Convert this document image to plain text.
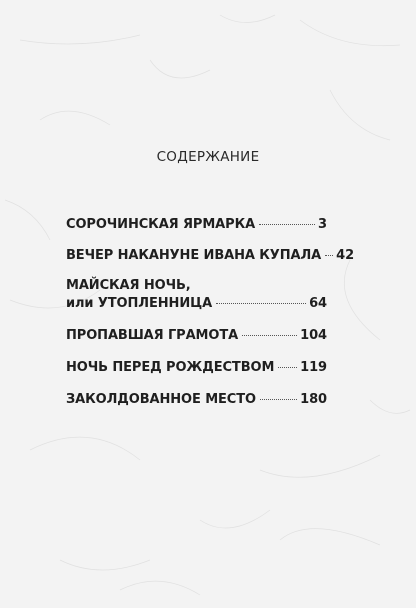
СОДЕРЖАНИЕ
СОРОЧИНСКАЯ ЯРМАРКА	3
ВЕЧЕР НАКАНУНЕ ИВАНА КУПАЛА 42
МАЙСКАЯ НОЧЬ,
или УТОПЛЕННИЦА	64
ПРОПАВШАЯ ГРАМОТА	104
НОЧЬ ПЕРЕД РОЖДЕСТВОМ 119
ЗАКОЛДОВАННОЕ МЕСТО	180
